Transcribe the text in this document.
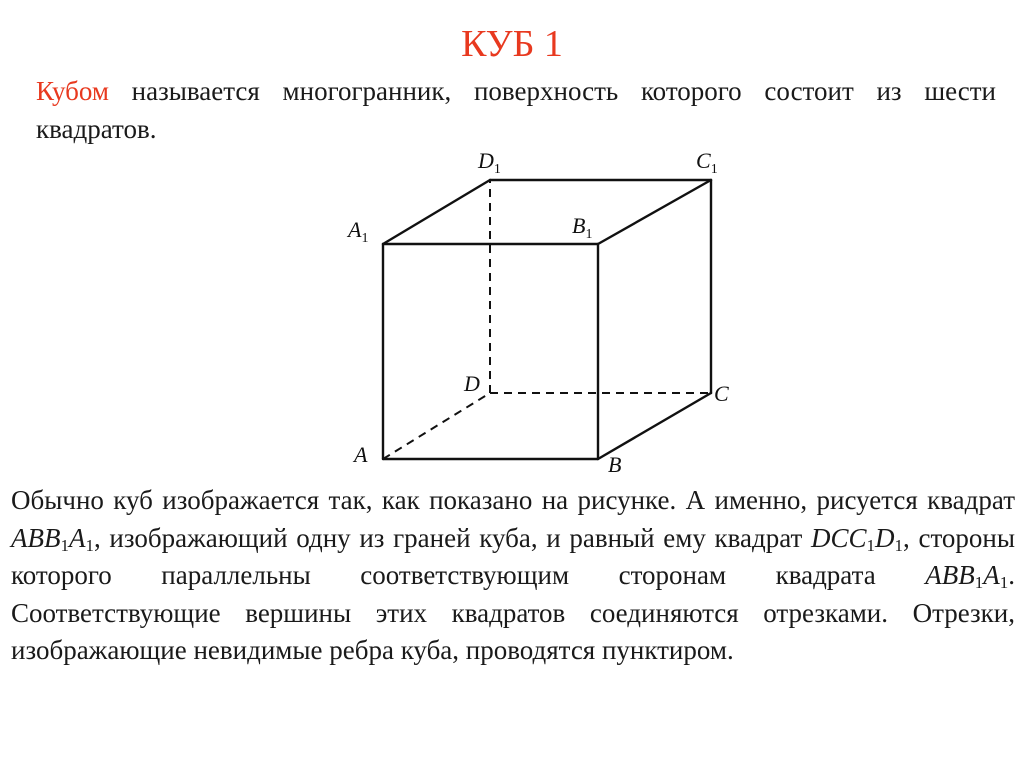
КУБ 1
Кубом называется многогранник, поверхность которого состоит из шести квадратов.
A	B
C
D
$A_1$
$B_1$
$C_1$
$D_1$
Обычно куб изображается так, как показано на рисунке. А именно, рисуется квадрат $ABB_1A_1$, изображающий одну из граней куба, и равный ему квадрат $DCC_1D_1$, стороны которого параллельны соответствующим сторонам квадрата $ABB_1A_1$. Соответствующие вершины этих квадратов соединяются отрезками. Отрезки, изображающие невидимые ребра куба, проводятся пунктиром.
